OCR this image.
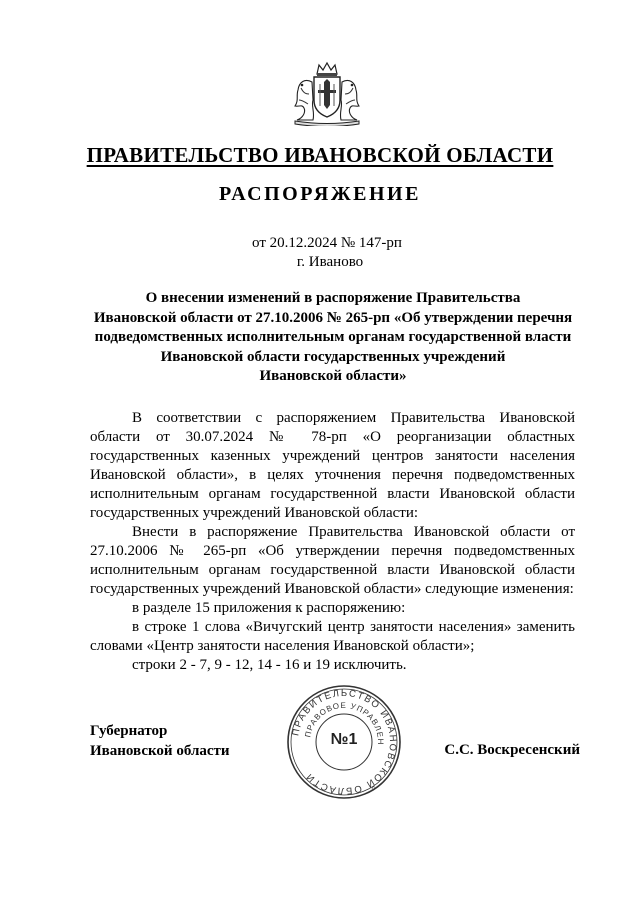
ПРАВИТЕЛЬСТВО ИВАНОВСКОЙ ОБЛАСТИ
РАСПОРЯЖЕНИЕ
от 20.12.2024 № 147-рп
г. Иваново
О внесении изменений в распоряжение Правительства
Ивановской области от 27.10.2006 № 265-рп «Об утверждении перечня
подведомственных исполнительным органам государственной власти
Ивановской области государственных учреждений
Ивановской области»

В соответствии с распоряжением Правительства Ивановской области от 30.07.2024 № 78-рп «О реорганизации областных государственных казенных учреждений центров занятости населения Ивановской области», в целях уточнения перечня подведомственных исполнительным органам государственной власти Ивановской области государственных учреждений Ивановской области:

Внести в распоряжение Правительства Ивановской области от 27.10.2006 № 265-рп «Об утверждении перечня подведомственных исполнительным органам государственной власти Ивановской области государственных учреждений Ивановской области» следующие изменения:

в разделе 15 приложения к распоряжению:

в строке 1 слова «Вичугский центр занятости населения» заменить словами «Центр занятости населения Ивановской области»;

строки 2 - 7, 9 - 12, 14 - 16 и 19 исключить.

Губернатор
Ивановской области	С.С. Воскресенский
ПРАВИТЕЛЬСТВО ИВАНОВСКОЙ ОБЛАСТИ
ПРАВОВОЕ УПРАВЛЕН
№1
